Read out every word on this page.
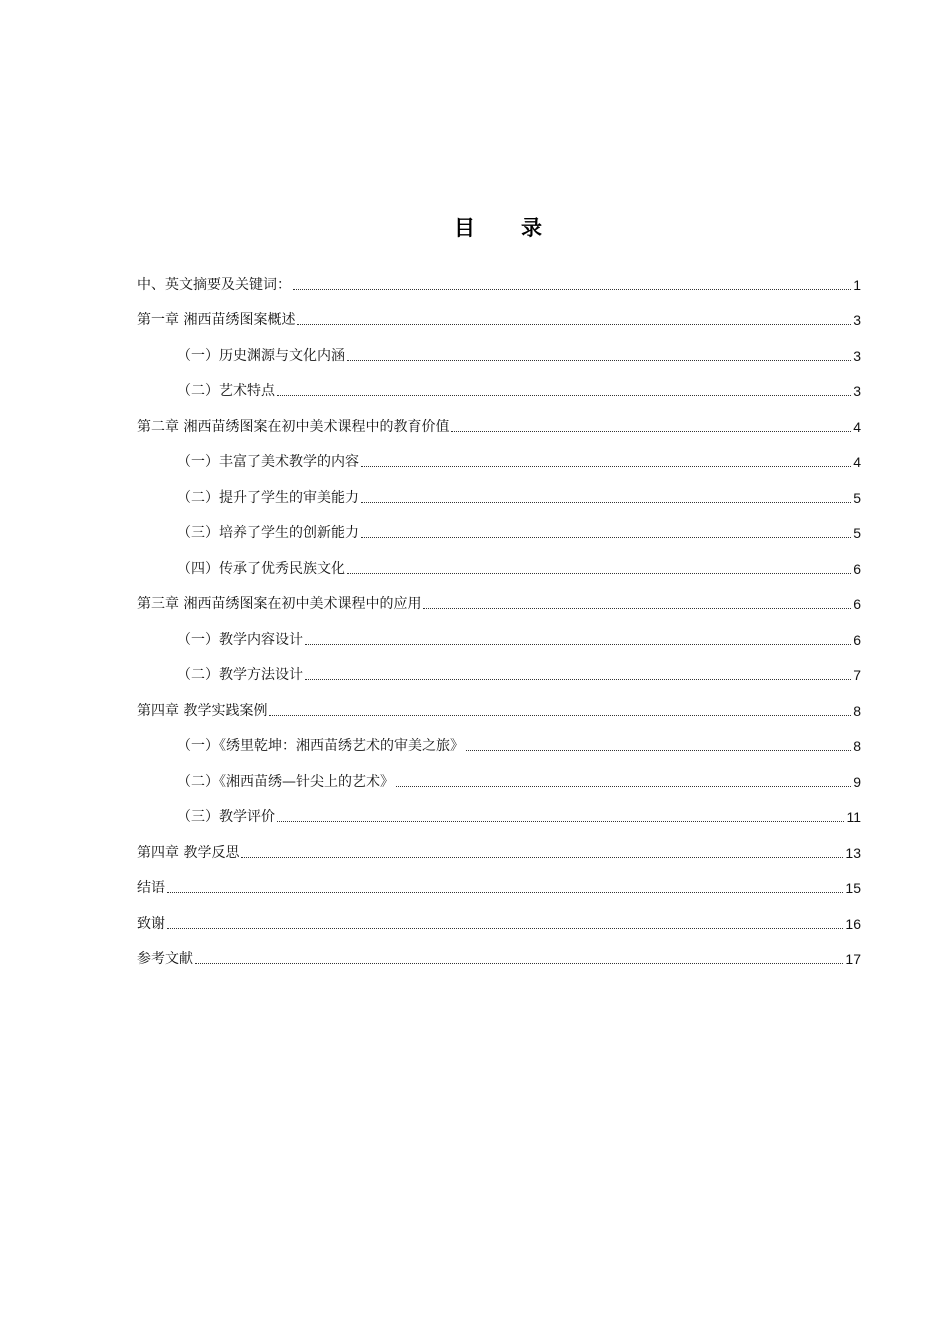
目 录
中、英文摘要及关键词：	1
第一章 湘西苗绣图案概述	3
（一）历史渊源与文化内涵	3
（二）艺术特点	3
第二章 湘西苗绣图案在初中美术课程中的教育价值	4
（一）丰富了美术教学的内容	4
（二）提升了学生的审美能力	5
（三）培养了学生的创新能力	5
（四）传承了优秀民族文化	6
第三章 湘西苗绣图案在初中美术课程中的应用	6
（一）教学内容设计	6
（二）教学方法设计	7
第四章 教学实践案例	8
（一）《绣里乾坤：湘西苗绣艺术的审美之旅》	8
（二）《湘西苗绣—针尖上的艺术》	9
（三）教学评价	11
第四章 教学反思	13
结语	15
致谢	16
参考文献	17
